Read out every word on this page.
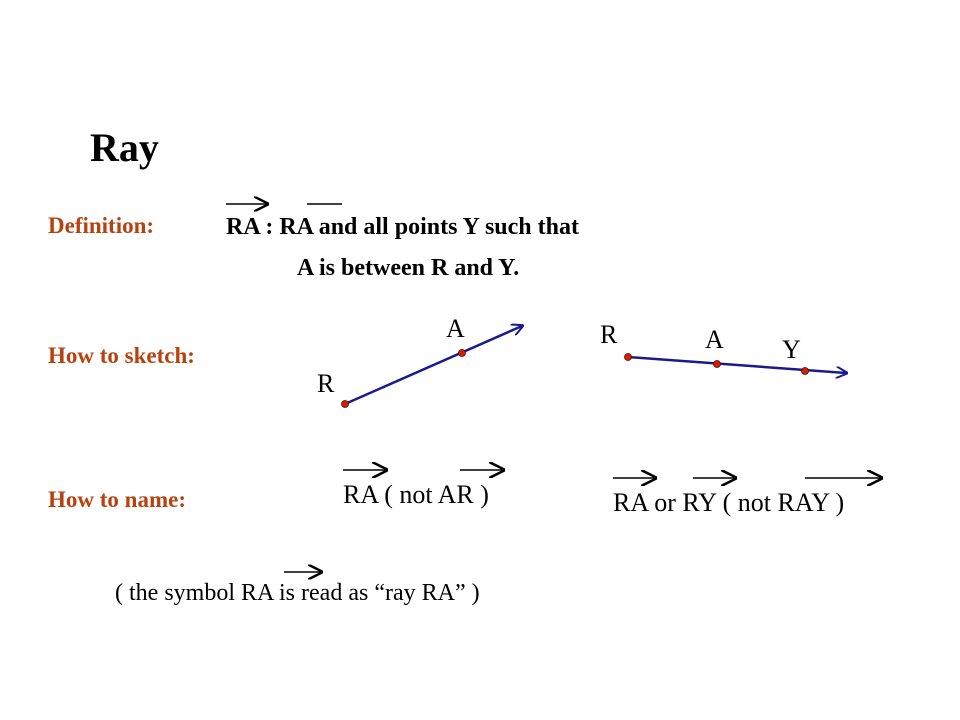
Ray
Definition:
How to sketch:
How to name:
RA : RA and all points Y such that
A is between R and Y.
R
A	R	A Y
RA ( not AR )	RA or RY ( not RAY )
( the symbol RA is read as “ray RA” )
